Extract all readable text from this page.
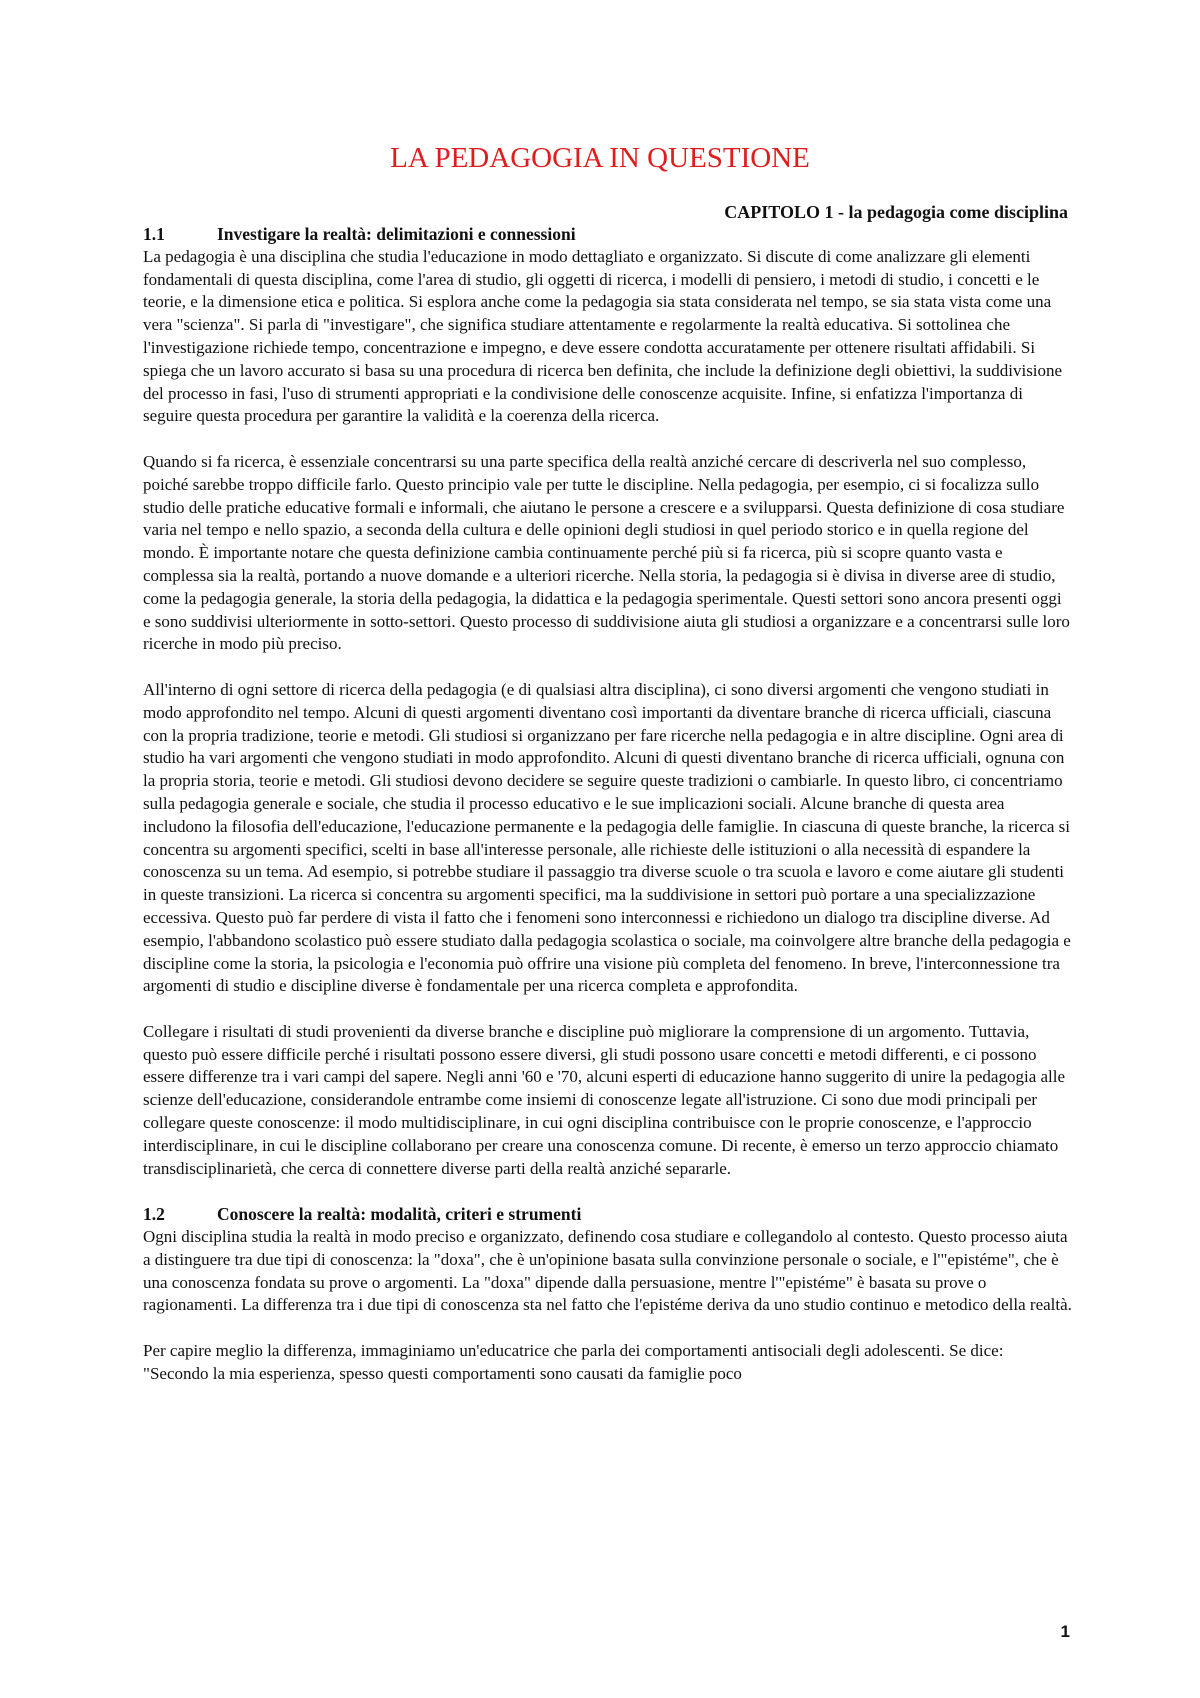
LA PEDAGOGIA IN QUESTIONE

CAPITOLO 1 - la pedagogia come disciplina

1.1	Investigare la realtà: delimitazioni e connessioni

La pedagogia è una disciplina che studia l'educazione in modo dettagliato e organizzato. Si discute di come analizzare gli elementi fondamentali di questa disciplina, come l'area di studio, gli oggetti di ricerca, i modelli di pensiero, i metodi di studio, i concetti e le teorie, e la dimensione etica e politica. Si esplora anche come la pedagogia sia stata considerata nel tempo, se sia stata vista come una vera "scienza". Si parla di "investigare", che significa studiare attentamente e regolarmente la realtà educativa. Si sottolinea che l'investigazione richiede tempo, concentrazione e impegno, e deve essere condotta accuratamente per ottenere risultati affidabili. Si spiega che un lavoro accurato si basa su una procedura di ricerca ben definita, che include la definizione degli obiettivi, la suddivisione del processo in fasi, l'uso di strumenti appropriati e la condivisione delle conoscenze acquisite. Infine, si enfatizza l'importanza di seguire questa procedura per garantire la validità e la coerenza della ricerca.

Quando si fa ricerca, è essenziale concentrarsi su una parte specifica della realtà anziché cercare di descriverla nel suo complesso, poiché sarebbe troppo difficile farlo. Questo principio vale per tutte le discipline. Nella pedagogia, per esempio, ci si focalizza sullo studio delle pratiche educative formali e informali, che aiutano le persone a crescere e a svilupparsi. Questa definizione di cosa studiare varia nel tempo e nello spazio, a seconda della cultura e delle opinioni degli studiosi in quel periodo storico e in quella regione del mondo. È importante notare che questa definizione cambia continuamente perché più si fa ricerca, più si scopre quanto vasta e complessa sia la realtà, portando a nuove domande e a ulteriori ricerche. Nella storia, la pedagogia si è divisa in diverse aree di studio, come la pedagogia generale, la storia della pedagogia, la didattica e la pedagogia sperimentale. Questi settori sono ancora presenti oggi e sono suddivisi ulteriormente in sotto-settori. Questo processo di suddivisione aiuta gli studiosi a organizzare e a concentrarsi sulle loro ricerche in modo più preciso.

All'interno di ogni settore di ricerca della pedagogia (e di qualsiasi altra disciplina), ci sono diversi argomenti che vengono studiati in modo approfondito nel tempo. Alcuni di questi argomenti diventano così importanti da diventare branche di ricerca ufficiali, ciascuna con la propria tradizione, teorie e metodi. Gli studiosi si organizzano per fare ricerche nella pedagogia e in altre discipline. Ogni area di studio ha vari argomenti che vengono studiati in modo approfondito. Alcuni di questi diventano branche di ricerca ufficiali, ognuna con la propria storia, teorie e metodi. Gli studiosi devono decidere se seguire queste tradizioni o cambiarle. In questo libro, ci concentriamo sulla pedagogia generale e sociale, che studia il processo educativo e le sue implicazioni sociali. Alcune branche di questa area includono la filosofia dell'educazione, l'educazione permanente e la pedagogia delle famiglie. In ciascuna di queste branche, la ricerca si concentra su argomenti specifici, scelti in base all'interesse personale, alle richieste delle istituzioni o alla necessità di espandere la conoscenza su un tema. Ad esempio, si potrebbe studiare il passaggio tra diverse scuole o tra scuola e lavoro e come aiutare gli studenti in queste transizioni. La ricerca si concentra su argomenti specifici, ma la suddivisione in settori può portare a una specializzazione eccessiva. Questo può far perdere di vista il fatto che i fenomeni sono interconnessi e richiedono un dialogo tra discipline diverse. Ad esempio, l'abbandono scolastico può essere studiato dalla pedagogia scolastica o sociale, ma coinvolgere altre branche della pedagogia e discipline come la storia, la psicologia e l'economia può offrire una visione più completa del fenomeno. In breve, l'interconnessione tra argomenti di studio e discipline diverse è fondamentale per una ricerca completa e approfondita.

Collegare i risultati di studi provenienti da diverse branche e discipline può migliorare la comprensione di un argomento. Tuttavia, questo può essere difficile perché i risultati possono essere diversi, gli studi possono usare concetti e metodi differenti, e ci possono essere differenze tra i vari campi del sapere. Negli anni '60 e '70, alcuni esperti di educazione hanno suggerito di unire la pedagogia alle scienze dell'educazione, considerandole entrambe come insiemi di conoscenze legate all'istruzione. Ci sono due modi principali per collegare queste conoscenze: il modo multidisciplinare, in cui ogni disciplina contribuisce con le proprie conoscenze, e l'approccio interdisciplinare, in cui le discipline collaborano per creare una conoscenza comune. Di recente, è emerso un terzo approccio chiamato transdisciplinarietà, che cerca di connettere diverse parti della realtà anziché separarle.

1.2	Conoscere la realtà: modalità, criteri e strumenti

Ogni disciplina studia la realtà in modo preciso e organizzato, definendo cosa studiare e collegandolo al contesto. Questo processo aiuta a distinguere tra due tipi di conoscenza: la "doxa", che è un'opinione basata sulla convinzione personale o sociale, e l'"epistéme", che è una conoscenza fondata su prove o argomenti. La "doxa" dipende dalla persuasione, mentre l'"epistéme" è basata su prove o ragionamenti. La differenza tra i due tipi di conoscenza sta nel fatto che l'epistéme deriva da uno studio continuo e metodico della realtà.

Per capire meglio la differenza, immaginiamo un'educatrice che parla dei comportamenti antisociali degli adolescenti. Se dice: "Secondo la mia esperienza, spesso questi comportamenti sono causati da famiglie poco

1
